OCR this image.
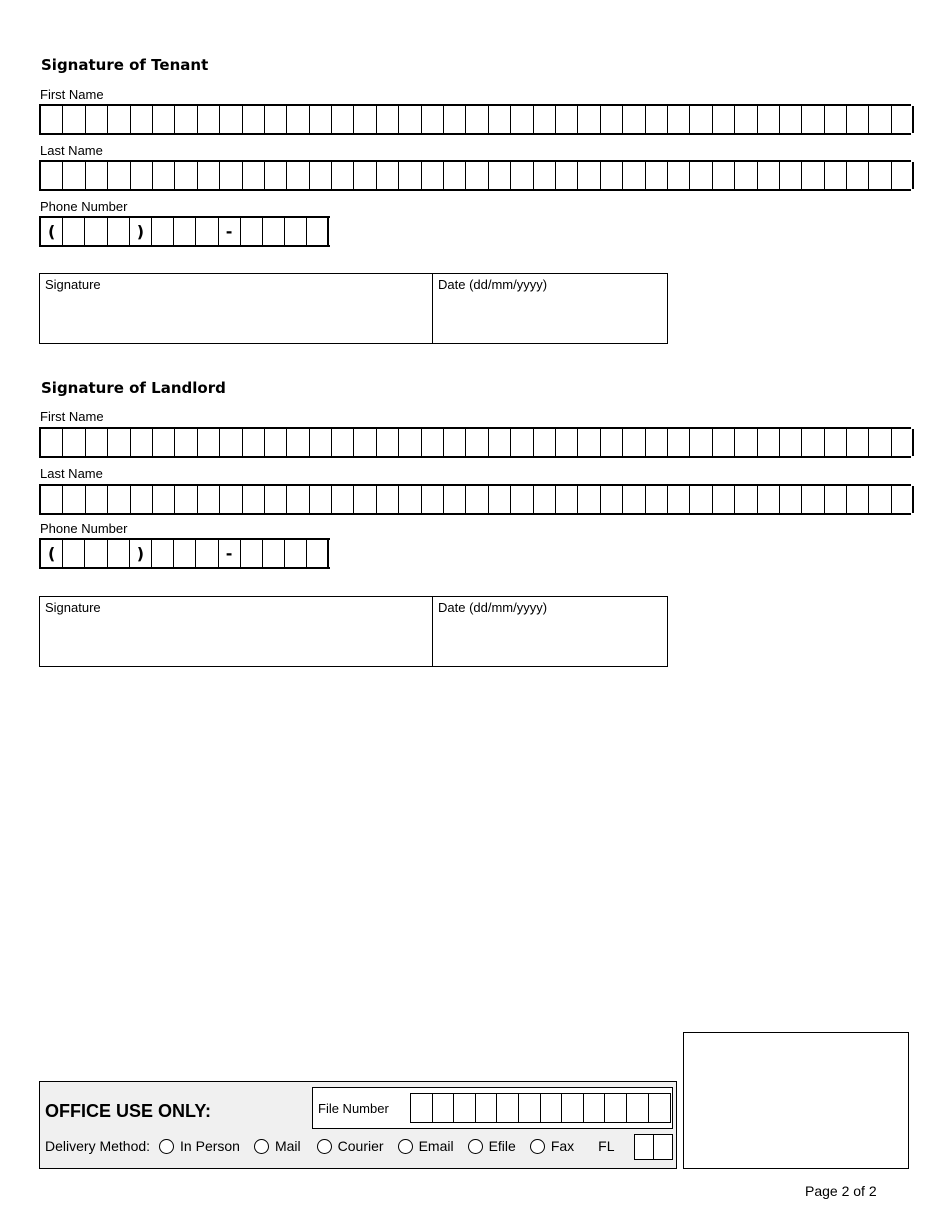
Signature of Tenant
First Name
Last Name
Phone Number
(	)	-
Signature	Date (dd/mm/yyyy)
Signature of Landlord
First Name
Last Name
Phone Number
(	)	-
Signature	Date (dd/mm/yyyy)
OFFICE USE ONLY:	File Number
Delivery Method: In Person	Mail	Courier	Email	Efile	Fax FL
Page 2 of 2
